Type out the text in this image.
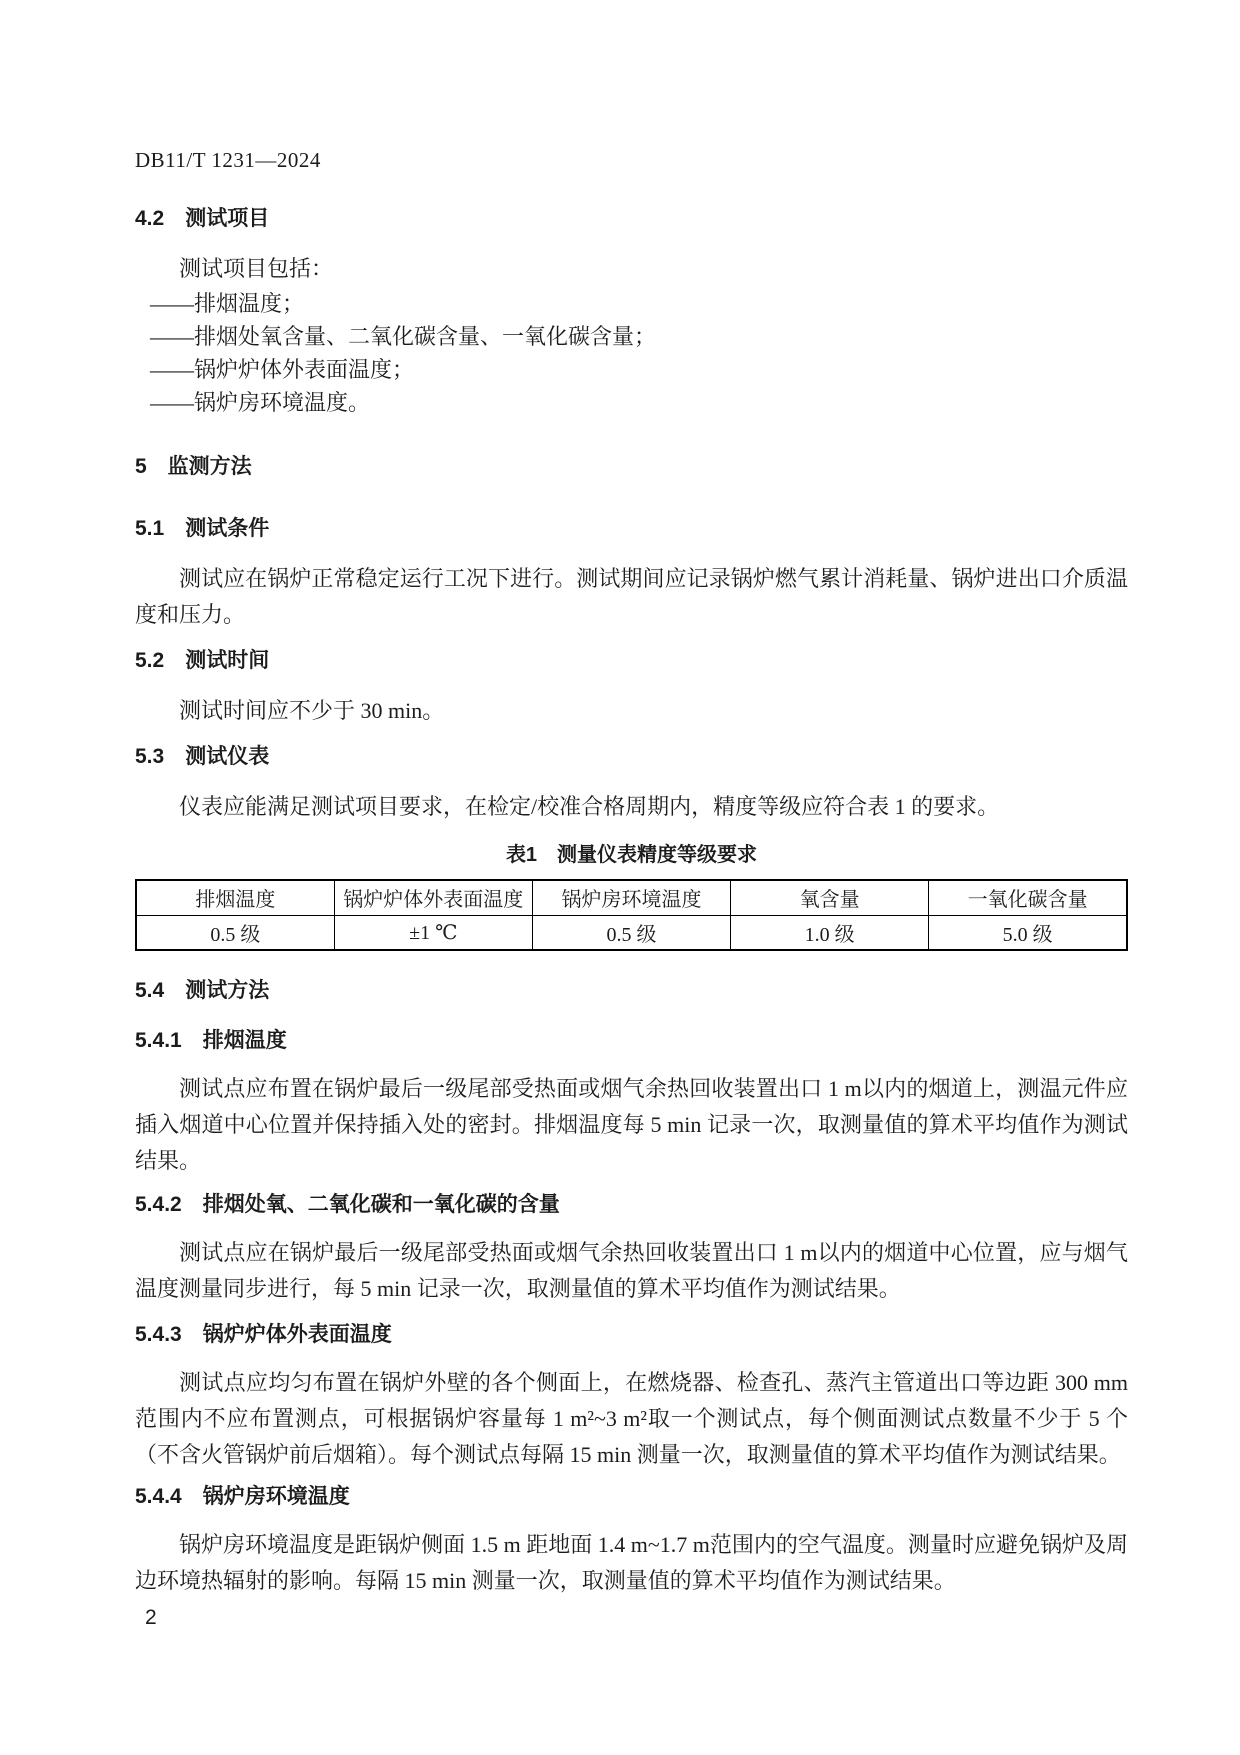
DB11/T 1231—2024
4.2　测试项目

测试项目包括：

——排烟温度；
——排烟处氧含量、二氧化碳含量、一氧化碳含量；
——锅炉炉体外表面温度；
——锅炉房环境温度。
5　监测方法
5.1　测试条件

测试应在锅炉正常稳定运行工况下进行。测试期间应记录锅炉燃气累计消耗量、锅炉进出口介质温度和压力。

5.2　测试时间

测试时间应不少于 30 min。

5.3　测试仪表

仪表应能满足测试项目要求，在检定/校准合格周期内，精度等级应符合表 1 的要求。

表1　测量仪表精度等级要求
排烟温度	锅炉炉体外表面温度	锅炉房环境温度	氧含量	一氧化碳含量
0.5 级	±1 ℃	0.5 级	1.0 级	5.0 级
5.4　测试方法
5.4.1　排烟温度

测试点应布置在锅炉最后一级尾部受热面或烟气余热回收装置出口 1 m以内的烟道上，测温元件应插入烟道中心位置并保持插入处的密封。排烟温度每 5 min 记录一次，取测量值的算术平均值作为测试结果。

5.4.2　排烟处氧、二氧化碳和一氧化碳的含量

测试点应在锅炉最后一级尾部受热面或烟气余热回收装置出口 1 m以内的烟道中心位置，应与烟气温度测量同步进行，每 5 min 记录一次，取测量值的算术平均值作为测试结果。

5.4.3　锅炉炉体外表面温度

测试点应均匀布置在锅炉外壁的各个侧面上，在燃烧器、检查孔、蒸汽主管道出口等边距 300 mm范围内不应布置测点，可根据锅炉容量每 1 m²~3 m²取一个测试点，每个侧面测试点数量不少于 5 个（不含火管锅炉前后烟箱）。每个测试点每隔 15 min 测量一次，取测量值的算术平均值作为测试结果。

5.4.4　锅炉房环境温度

锅炉房环境温度是距锅炉侧面 1.5 m 距地面 1.4 m~1.7 m范围内的空气温度。测量时应避免锅炉及周边环境热辐射的影响。每隔 15 min 测量一次，取测量值的算术平均值作为测试结果。

2
